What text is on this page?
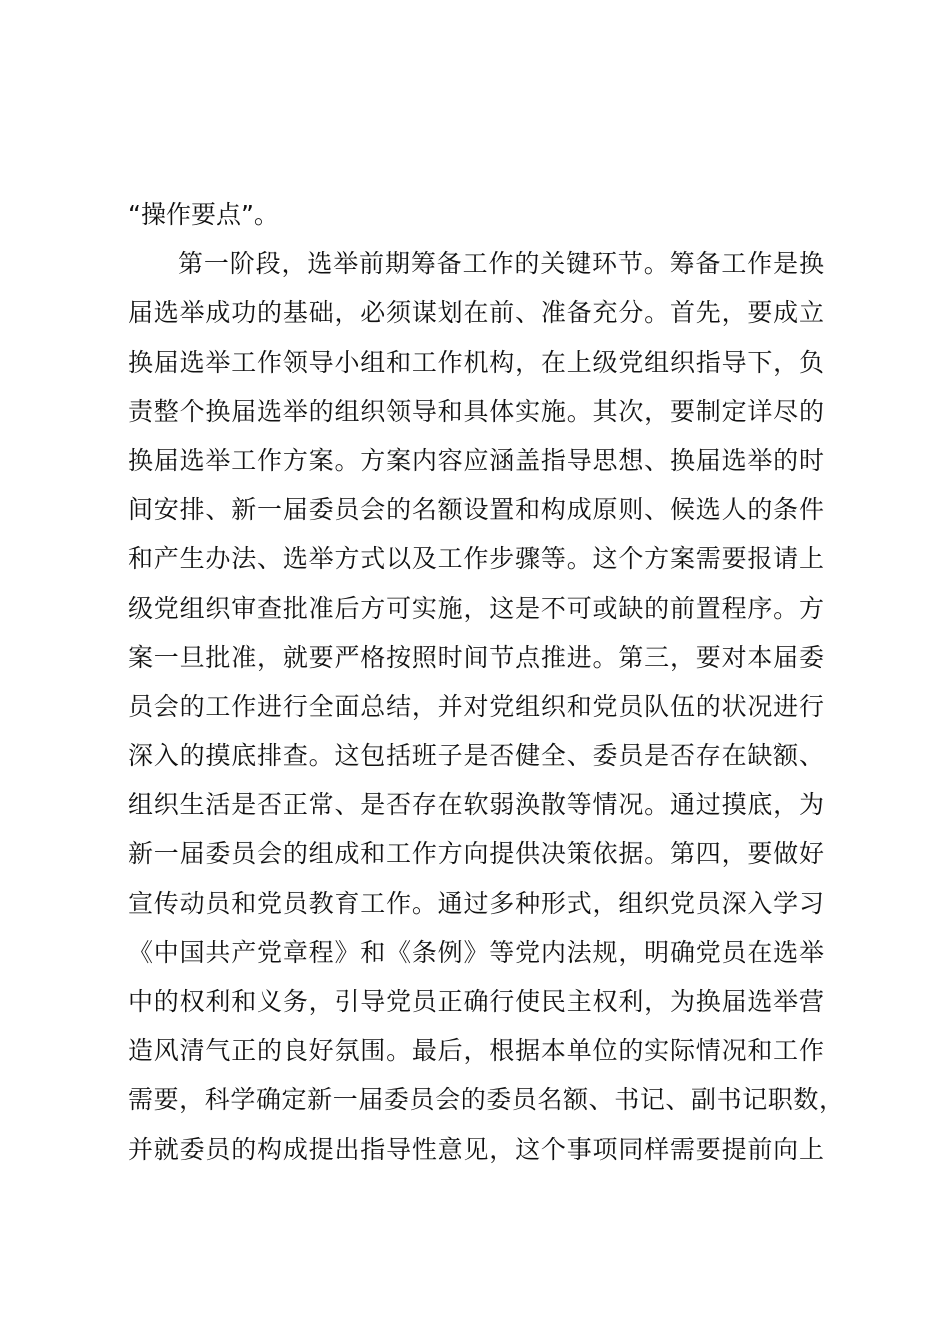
“操作要点”。
第一阶段，选举前期筹备工作的关键环节。筹备工作是换
届选举成功的基础，必须谋划在前、准备充分。首先，要成立
换届选举工作领导小组和工作机构，在上级党组织指导下，负
责整个换届选举的组织领导和具体实施。其次，要制定详尽的
换届选举工作方案。方案内容应涵盖指导思想、换届选举的时
间安排、新一届委员会的名额设置和构成原则、候选人的条件
和产生办法、选举方式以及工作步骤等。这个方案需要报请上
级党组织审查批准后方可实施，这是不可或缺的前置程序。方
案一旦批准，就要严格按照时间节点推进。第三，要对本届委
员会的工作进行全面总结，并对党组织和党员队伍的状况进行
深入的摸底排查。这包括班子是否健全、委员是否存在缺额、
组织生活是否正常、是否存在软弱涣散等情况。通过摸底，为
新一届委员会的组成和工作方向提供决策依据。第四，要做好
宣传动员和党员教育工作。通过多种形式，组织党员深入学习
《中国共产党章程》和《条例》等党内法规，明确党员在选举
中的权利和义务，引导党员正确行使民主权利，为换届选举营
造风清气正的良好氛围。最后，根据本单位的实际情况和工作
需要，科学确定新一届委员会的委员名额、书记、副书记职数，
并就委员的构成提出指导性意见，这个事项同样需要提前向上
